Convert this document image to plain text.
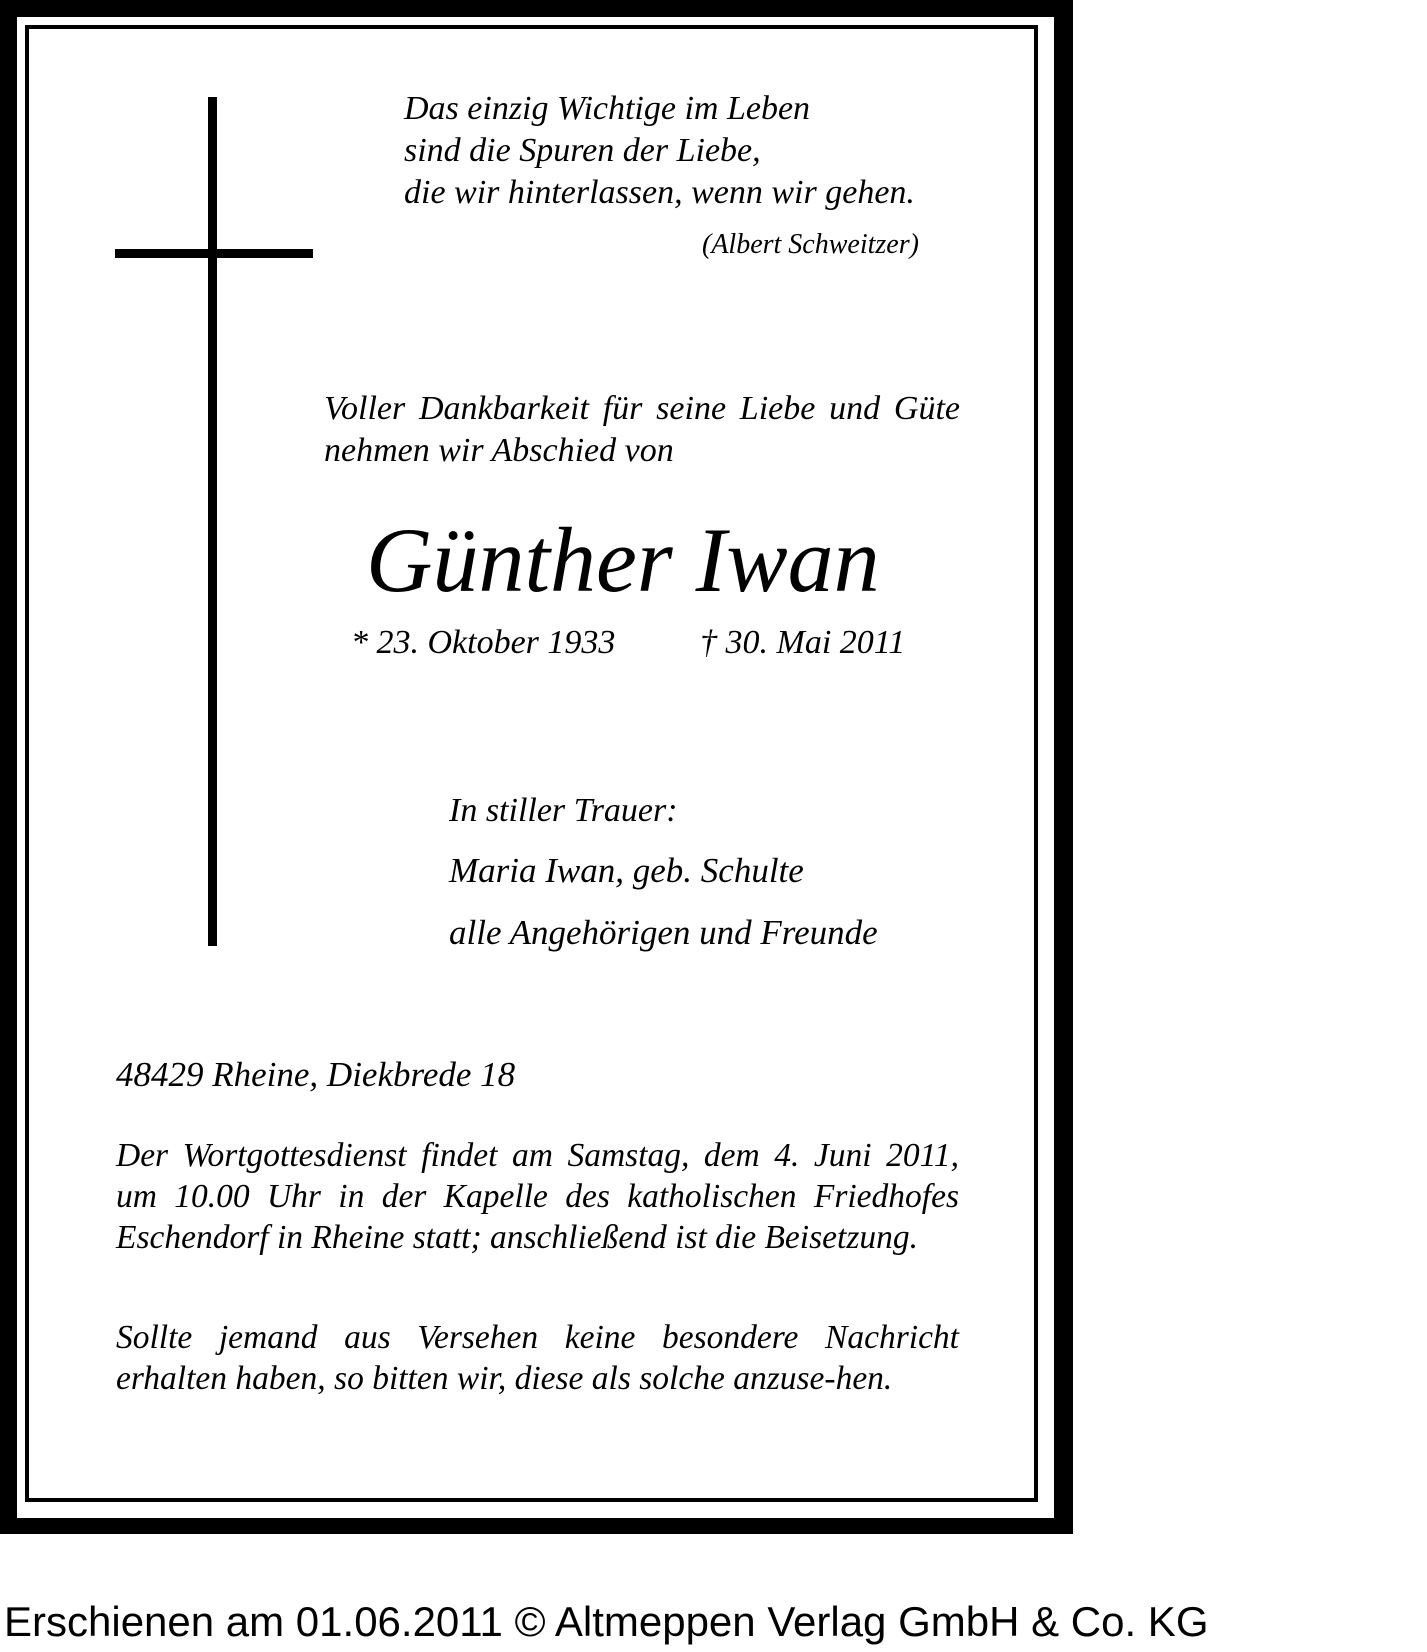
Das einzig Wichtige im Leben
sind die Spuren der Liebe,
die wir hinterlassen, wenn wir gehen.
(Albert Schweitzer)
Voller Dankbarkeit für seine Liebe und Güte nehmen wir Abschied von
Günther Iwan
* 23. Oktober 1933 † 30. Mai 2011
In stiller Trauer:
Maria Iwan, geb. Schulte
alle Angehörigen und Freunde
48429 Rheine, Diekbrede 18
Der Wortgottesdienst findet am Samstag, dem 4. Juni 2011, um 10.00 Uhr in der Kapelle des katholischen Friedhofes Eschendorf in Rheine statt; anschließend ist die Beisetzung.
Sollte jemand aus Versehen keine besondere Nachricht erhalten haben, so bitten wir, diese als solche anzuse-hen.
Erschienen am 01.06.2011 © Altmeppen Verlag GmbH & Co. KG
